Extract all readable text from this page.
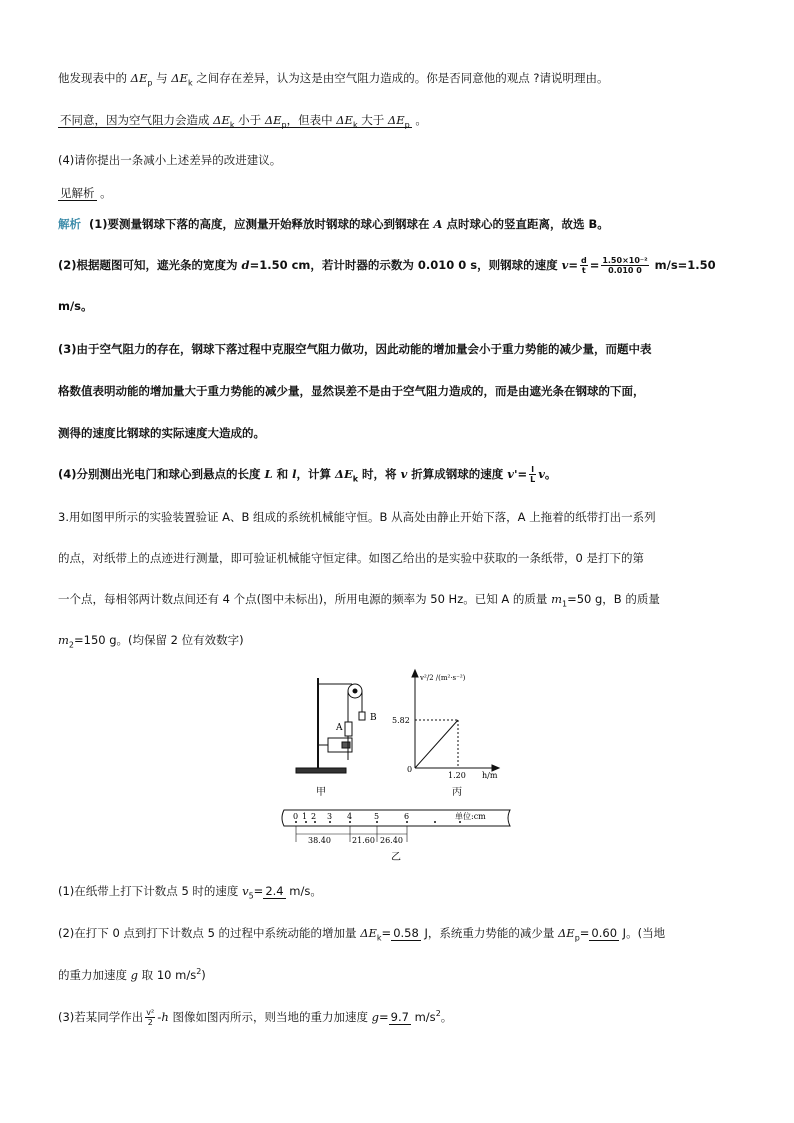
他发现表中的 $\Delta E_p$ 与 $\Delta E_k$ 之间存在差异，认为这是由空气阻力造成的。你是否同意他的观点 ?请说明理由。
不同意，因为空气阻力会造成 $\Delta E_k$ 小于 $\Delta E_p$，但表中 $\Delta E_k$ 大于 $\Delta E_p$ 。
(4)请你提出一条减小上述差异的改进建议。
见解析 。
解析 (1)要测量钢球下落的高度，应测量开始释放时钢球的球心到钢球在 A 点时球心的竖直距离，故选 B。
(2)根据题图可知，遮光条的宽度为 d=1.50 cm，若计时器的示数为 0.010 0 s，则钢球的速度 $v= \frac{d}{t} = \frac{\text{1.50×10⁻²}}{0.010 0} m/s=1.50$
m/s。
(3)由于空气阻力的存在，钢球下落过程中克服空气阻力做功，因此动能的增加量会小于重力势能的减少量，而题中表
格数值表明动能的增加量大于重力势能的减少量，显然误差不是由于空气阻力造成的，而是由遮光条在钢球的下面，
测得的速度比钢球的实际速度大造成的。
(4)分别测出光电门和球心到悬点的长度 L 和 l，计算 $\Delta E_k$ 时，将 v 折算成钢球的速度 $v'= \frac{l}{L}$ v。
3.用如图甲所示的实验装置验证 A、B 组成的系统机械能守恒。B 从高处由静止开始下落，A 上拖着的纸带打出一系列
的点，对纸带上的点迹进行测量，即可验证机械能守恒定律。如图乙给出的是实验中获取的一条纸带，0 是打下的第
一个点，每相邻两计数点间还有 4 个点(图中未标出)，所用电源的频率为 50 Hz。已知 A 的质量 $m_1=50$ g，B 的质量
$m_2=150$ g。(均保留 2 位有效数字)
A
B
甲
v²/2 /(m²·s⁻²)
5.82
0
1.20 h/m
丙
0 1 2 3 4	5	6	单位:cm
38.40	21.60 26.40
乙
(1)在纸带上打下计数点 5 时的速度 $v_5= 2.4$ m/s。
(2)在打下 0 点到打下计数点 5 的过程中系统动能的增加量 $\Delta E_k= 0.58$ J，系统重力势能的减少量 $\Delta E_p= 0.60$ J。(当地
的重力加速度 g 取 10 $m/s^2$)
(3)若某同学作出 $\frac{\text{v²}}{2} -h$ 图像如图丙所示，则当地的重力加速度 g= 9.7 $m/s^2$。
